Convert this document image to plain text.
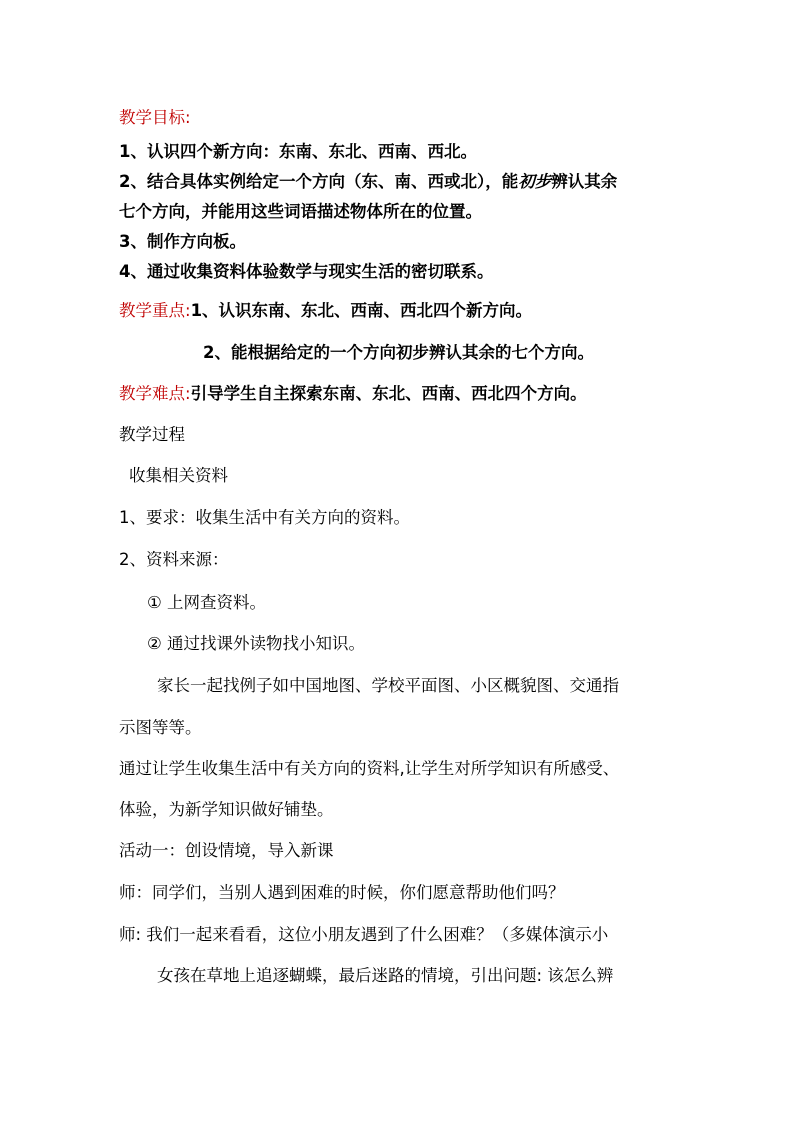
教学目标:
1、认识四个新方向：东南、东北、西南、西北。
2、结合具体实例给定一个方向（东、南、西或北），能初步辨认其余
七个方向，并能用这些词语描述物体所在的位置。
3、制作方向板。
4、通过收集资料体验数学与现实生活的密切联系。
教学重点:1、认识东南、东北、西南、西北四个新方向。
2、能根据给定的一个方向初步辨认其余的七个方向。
教学难点:引导学生自主探索东南、东北、西南、西北四个方向。
教学过程
收集相关资料
1、要求：收集生活中有关方向的资料。
2、资料来源：
① 上网查资料。
② 通过找课外读物找小知识。
家长一起找例子如中国地图、学校平面图、小区概貌图、交通指
示图等等。
通过让学生收集生活中有关方向的资料,让学生对所学知识有所感受、
体验，为新学知识做好铺垫。
活动一：创设情境，导入新课
师：同学们，当别人遇到困难的时候，你们愿意帮助他们吗？
师: 我们一起来看看，这位小朋友遇到了什么困难？（多媒体演示小
女孩在草地上追逐蝴蝶，最后迷路的情境，引出问题: 该怎么辨
